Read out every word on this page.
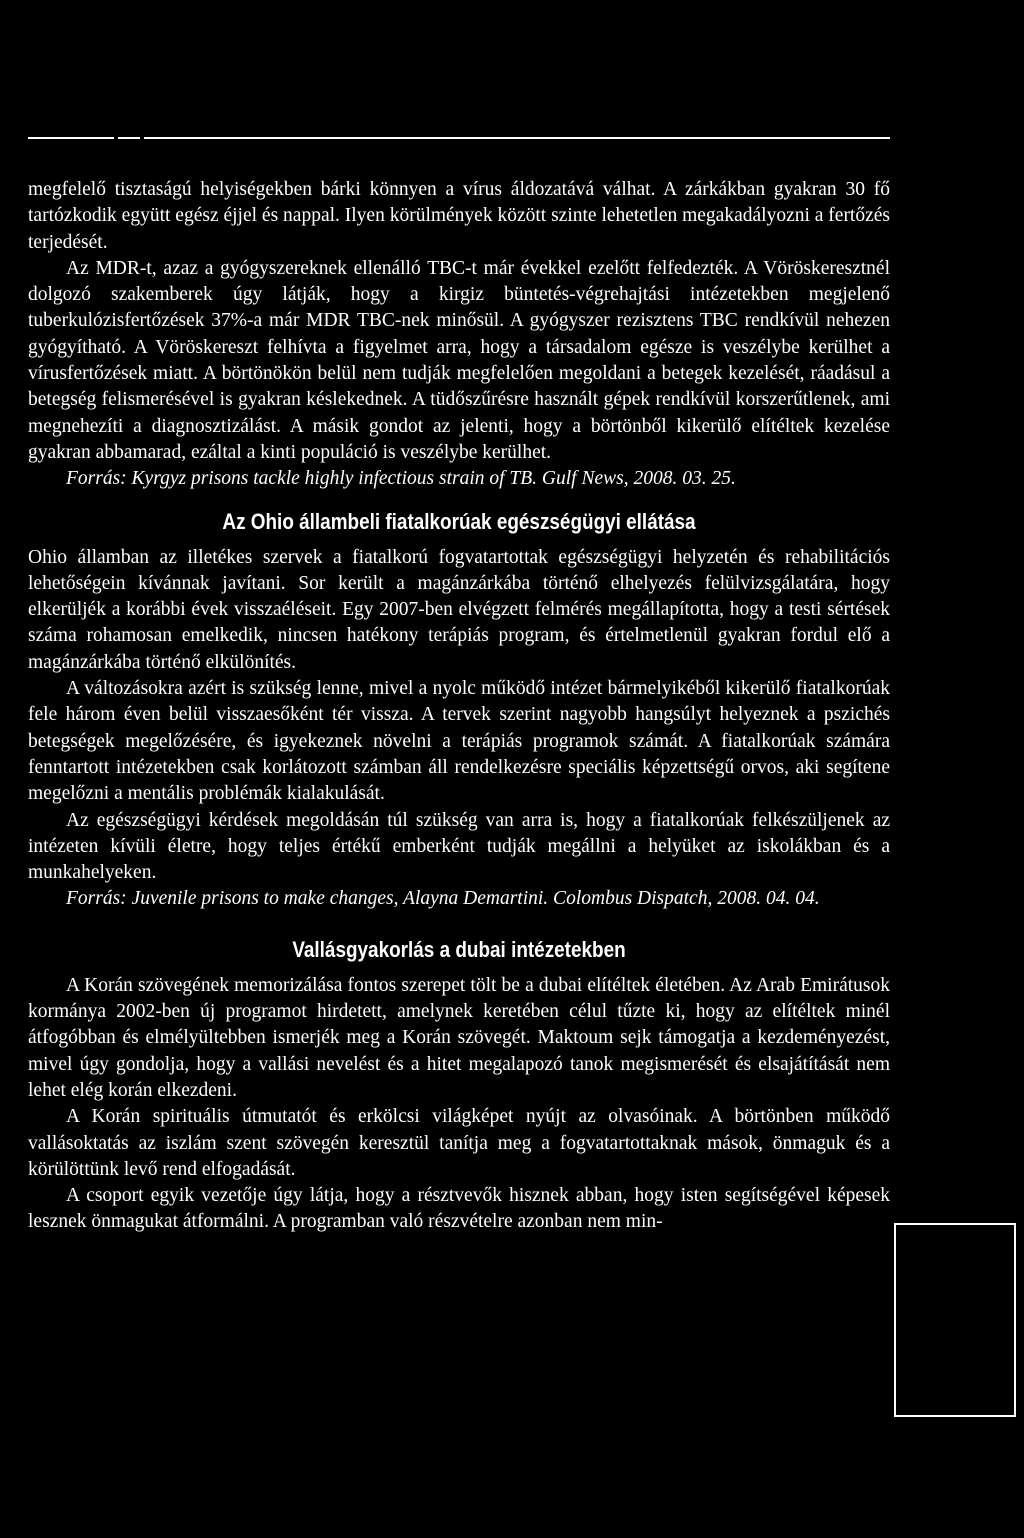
megfelelő tisztaságú helyiségekben bárki könnyen a vírus áldozatává válhat. A zárkákban gyakran 30 fő tartózkodik együtt egész éjjel és nappal. Ilyen körülmények között szinte lehetetlen megakadályozni a fertőzés terjedését.

Az MDR-t, azaz a gyógyszereknek ellenálló TBC-t már évekkel ezelőtt felfedezték. A Vöröskeresztnél dolgozó szakemberek úgy látják, hogy a kirgiz büntetés-végrehajtási intézetekben megjelenő tuberkulózisfertőzések 37%-a már MDR TBC-nek minősül. A gyógyszer rezisztens TBC rendkívül nehezen gyógyítható. A Vöröskereszt felhívta a figyelmet arra, hogy a társadalom egésze is veszélybe kerülhet a vírusfertőzések miatt. A börtönökön belül nem tudják megfelelően megoldani a betegek kezelését, ráadásul a betegség felismerésével is gyakran késlekednek. A tüdőszűrésre használt gépek rendkívül korszerűtlenek, ami megnehezíti a diagnosztizálást. A másik gondot az jelenti, hogy a börtönből kikerülő elítéltek kezelése gyakran abbamarad, ezáltal a kinti populáció is veszélybe kerülhet.

Forrás: Kyrgyz prisons tackle highly infectious strain of TB. Gulf News, 2008. 03. 25.

Az Ohio állambeli fiatalkorúak egészségügyi ellátása

Ohio államban az illetékes szervek a fiatalkorú fogvatartottak egészségügyi helyzetén és rehabilitációs lehetőségein kívánnak javítani. Sor került a magánzárkába történő elhelyezés felülvizsgálatára, hogy elkerüljék a korábbi évek visszaéléseit. Egy 2007-ben elvégzett felmérés megállapította, hogy a testi sértések száma rohamosan emelkedik, nincsen hatékony terápiás program, és értelmetlenül gyakran fordul elő a magánzárkába történő elkülönítés.

A változásokra azért is szükség lenne, mivel a nyolc működő intézet bármelyikéből kikerülő fiatalkorúak fele három éven belül visszaesőként tér vissza. A tervek szerint nagyobb hangsúlyt helyeznek a pszichés betegségek megelőzésére, és igyekeznek növelni a terápiás programok számát. A fiatalkorúak számára fenntartott intézetekben csak korlátozott számban áll rendelkezésre speciális képzettségű orvos, aki segítene megelőzni a mentális problémák kialakulását.

Az egészségügyi kérdések megoldásán túl szükség van arra is, hogy a fiatalkorúak felkészüljenek az intézeten kívüli életre, hogy teljes értékű emberként tudják megállni a helyüket az iskolákban és a munkahelyeken.

Forrás: Juvenile prisons to make changes, Alayna Demartini. Colombus Dispatch, 2008. 04. 04.

Vallásgyakorlás a dubai intézetekben

A Korán szövegének memorizálása fontos szerepet tölt be a dubai elítéltek életében. Az Arab Emirátusok kormánya 2002-ben új programot hirdetett, amelynek keretében célul tűzte ki, hogy az elítéltek minél átfogóbban és elmélyültebben ismerjék meg a Korán szövegét. Maktoum sejk támogatja a kezdeményezést, mivel úgy gondolja, hogy a vallási nevelést és a hitet megalapozó tanok megismerését és elsajátítását nem lehet elég korán elkezdeni.

A Korán spirituális útmutatót és erkölcsi világképet nyújt az olvasóinak. A börtönben működő vallásoktatás az iszlám szent szövegén keresztül tanítja meg a fogvatartottaknak mások, önmaguk és a körülöttünk levő rend elfogadását.

A csoport egyik vezetője úgy látja, hogy a résztvevők hisznek abban, hogy isten segítségével képesek lesznek önmagukat átformálni. A programban való részvételre azonban nem min-
